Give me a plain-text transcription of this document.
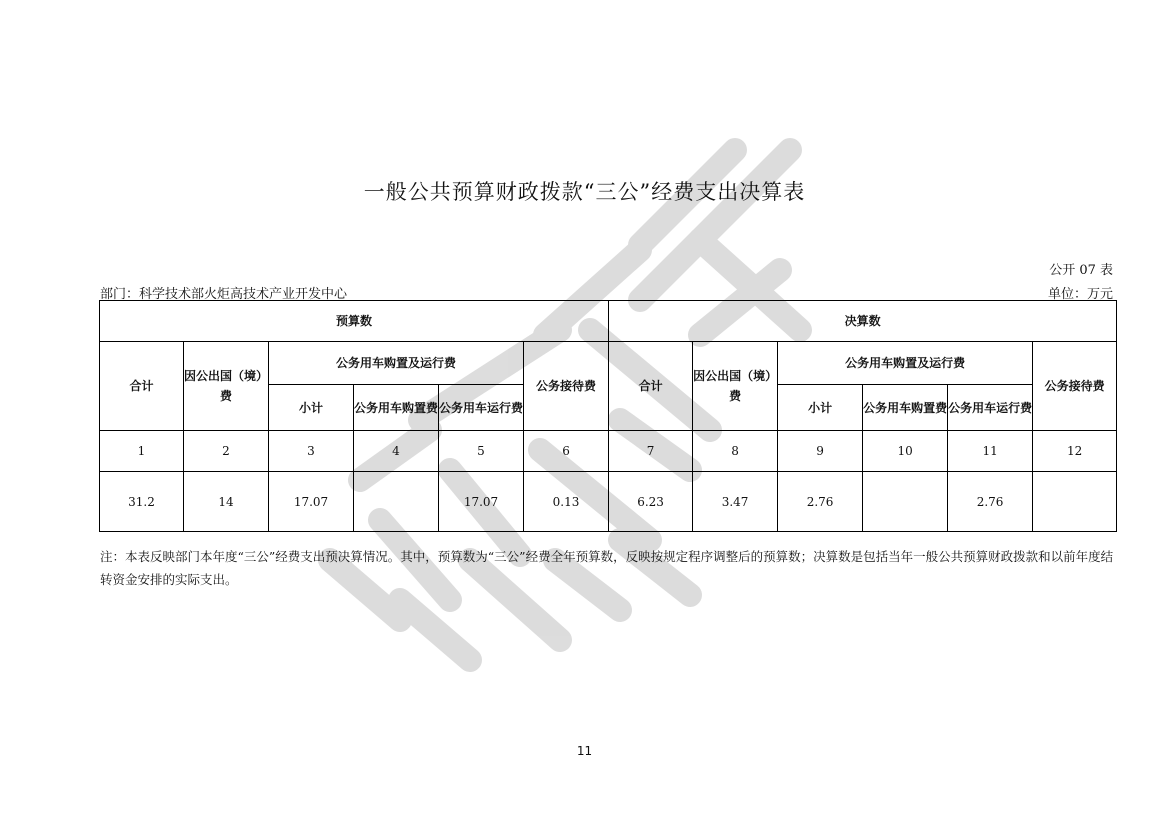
一般公共预算财政拨款“三公”经费支出决算表
公开 07 表
部门：科学技术部火炬高技术产业开发中心	单位：万元
预算数						决算数					
合计	因公出国（境）费	公务用车购置及运行费			公务接待费	合计	因公出国（境）费	公务用车购置及运行费			公务接待费
		小计	公务用车购置费	公务用车运行费				小计	公务用车购置费	公务用车运行费	
1	2	3	4	5	6	7	8	9	10	11	12
31.2	14	17.07		17.07	0.13	6.23	3.47	2.76		2.76	
注：本表反映部门本年度“三公”经费支出预决算情况。其中，预算数为“三公”经费全年预算数，反映按规定程序调整后的预算数；决算数是包括当年一般公共预算财政拨款和以前年度结转资金安排的实际支出。
11
